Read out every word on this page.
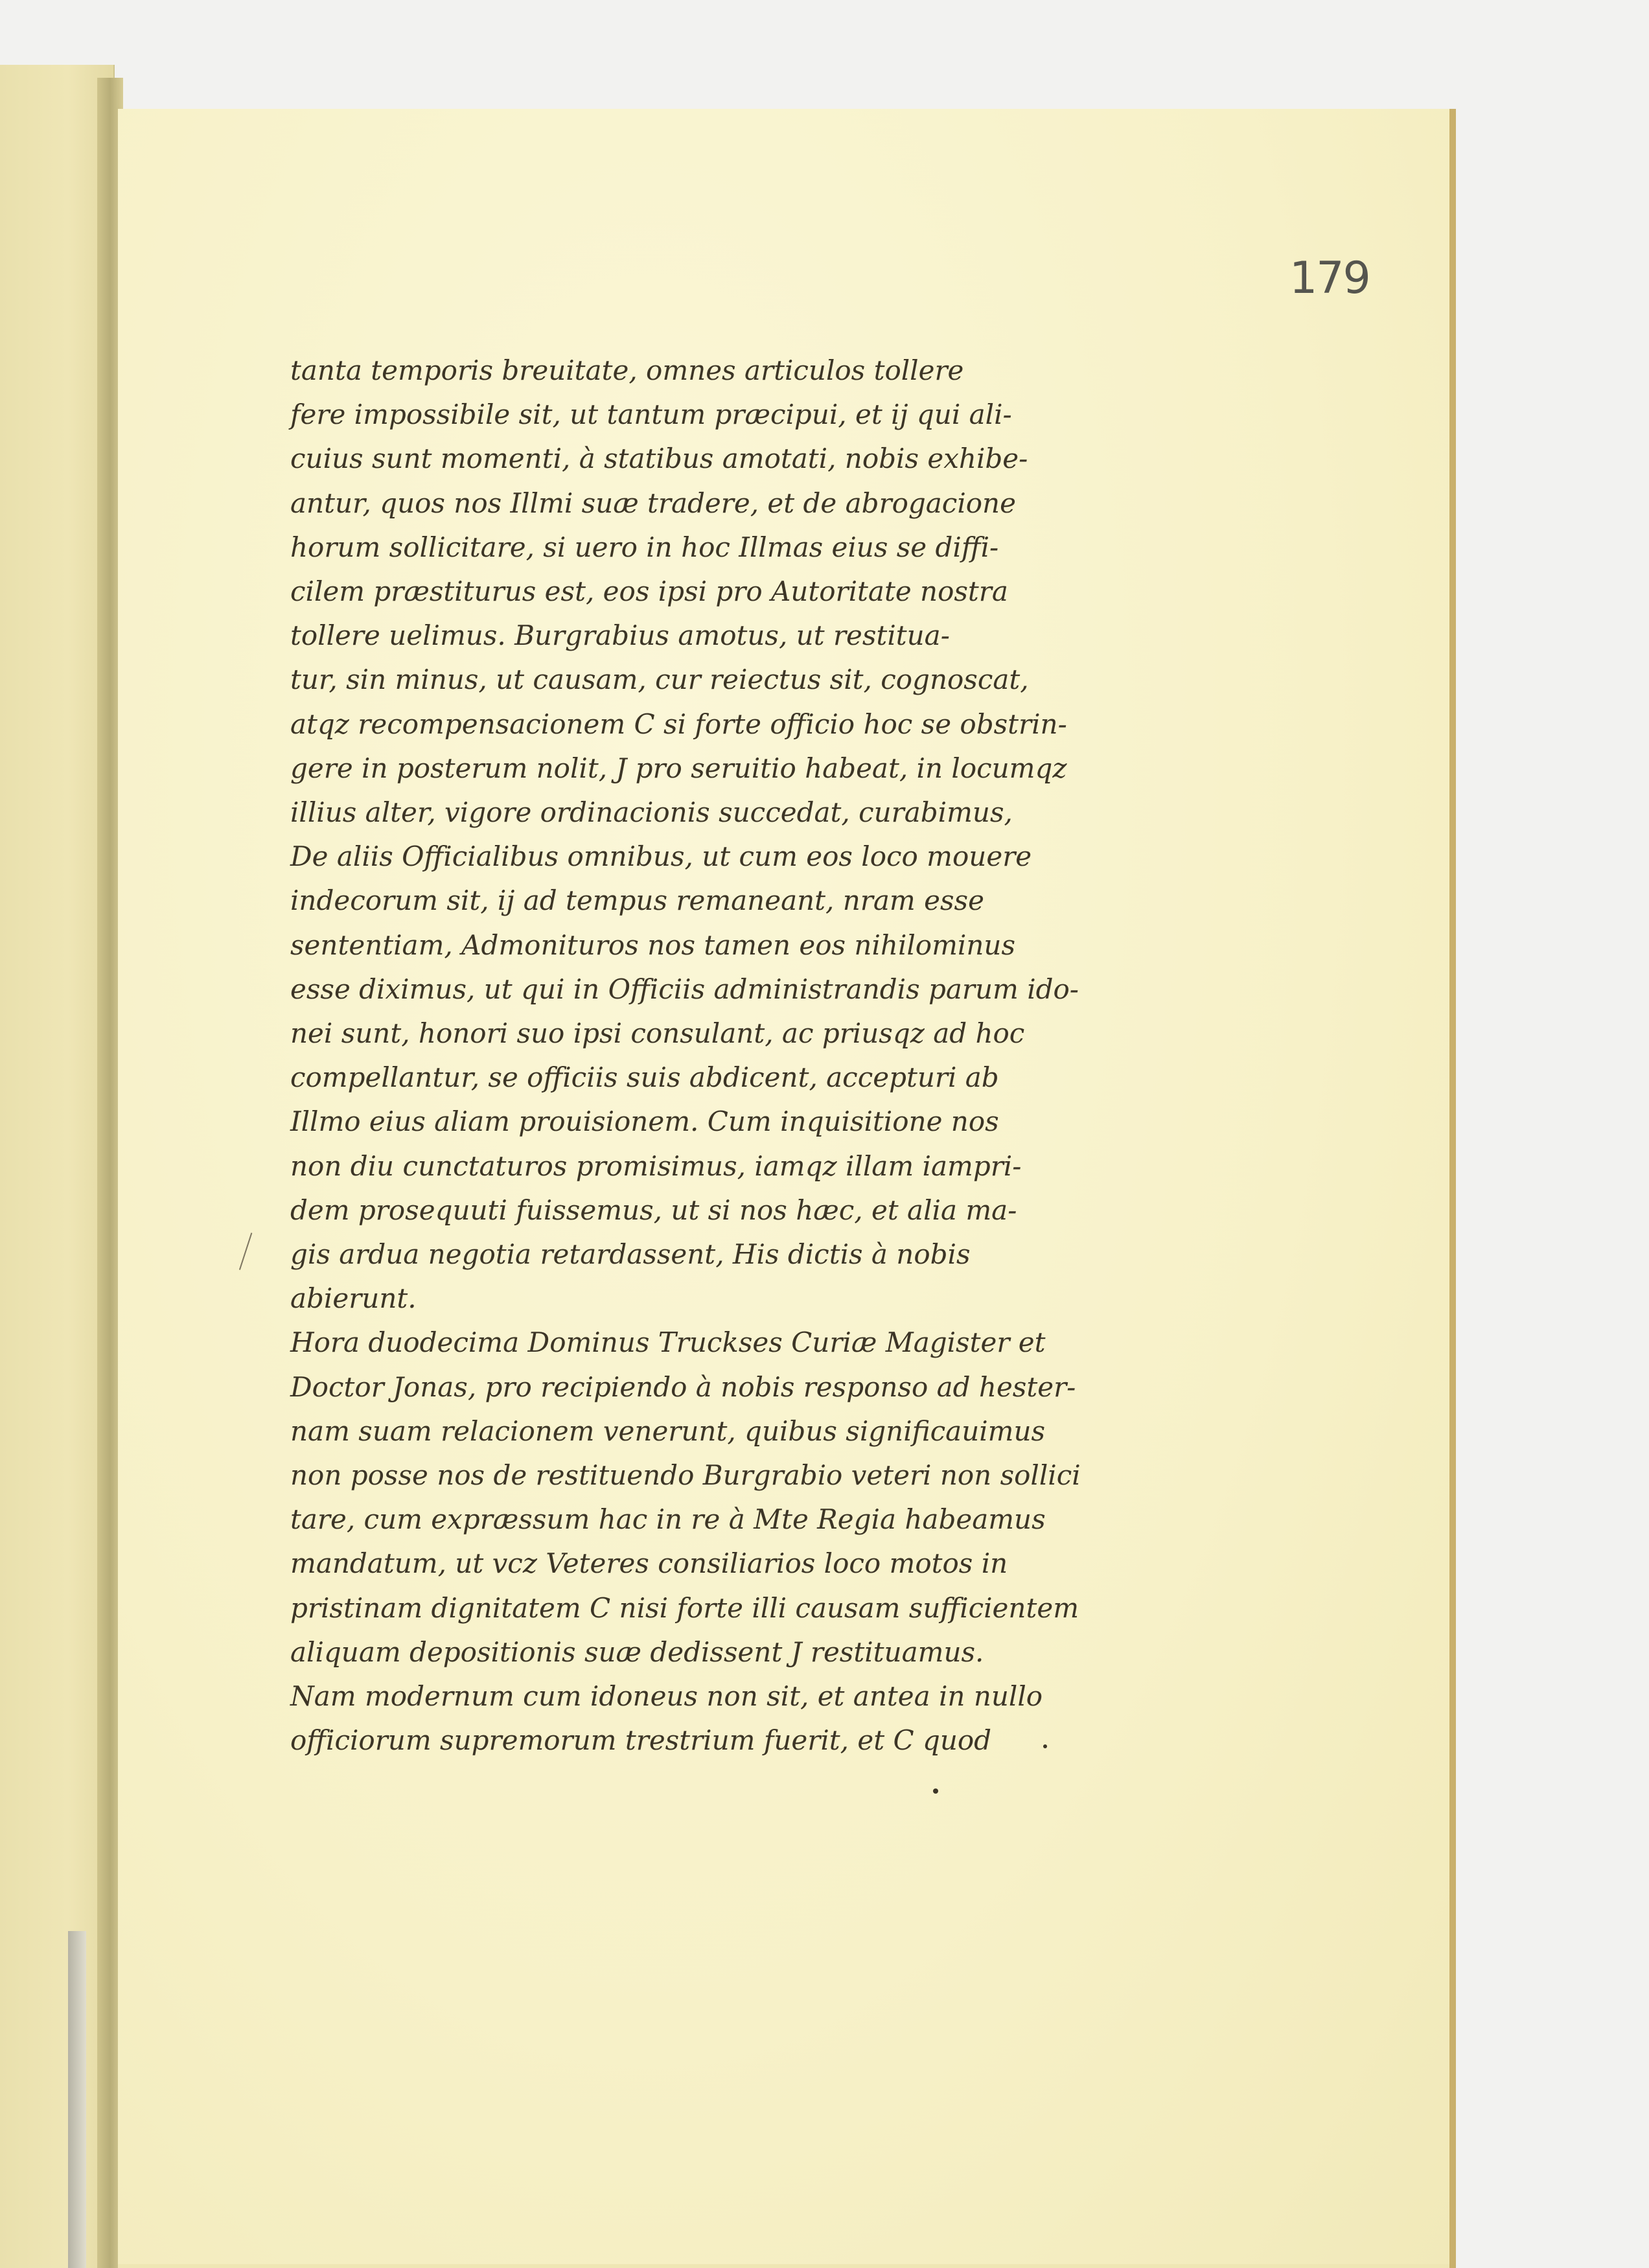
179
tanta temporis breuitate, omnes articulos tollere
fere impossibile sit, ut tantum præcipui, et ij qui ali-
cuius sunt momenti, à statibus amotati, nobis exhibe-
antur, quos nos Illmi suæ tradere, et de abrogacione
horum sollicitare, si uero in hoc Illmas eius se diffi-
cilem præstiturus est, eos ipsi pro Autoritate nostra
tollere uelimus. Burgrabius amotus, ut restitua-
tur, sin minus, ut causam, cur reiectus sit, cognoscat,
atqz recompensacionem C si forte officio hoc se obstrin-
gere in posterum nolit, J pro seruitio habeat, in locumqz
illius alter, vigore ordinacionis succedat, curabimus,
De aliis Officialibus omnibus, ut cum eos loco mouere
indecorum sit, ij ad tempus remaneant, nram esse
sententiam, Admonituros nos tamen eos nihilominus
esse diximus, ut qui in Officiis administrandis parum ido-
nei sunt, honori suo ipsi consulant, ac priusqz ad hoc
compellantur, se officiis suis abdicent, accepturi ab
Illmo eius aliam prouisionem. Cum inquisitione nos
non diu cunctaturos promisimus, iamqz illam iampri-
dem prosequuti fuissemus, ut si nos hæc, et alia ma-
gis ardua negotia retardassent, His dictis à nobis
abierunt.
Hora duodecima Dominus Truckses Curiæ Magister et
Doctor Jonas, pro recipiendo à nobis responso ad hester-
nam suam relacionem venerunt, quibus significauimus
non posse nos de restituendo Burgrabio veteri non sollici
tare, cum expræssum hac in re à Mte Regia habeamus
mandatum, ut vcz Veteres consiliarios loco motos in
pristinam dignitatem C nisi forte illi causam sufficientem
aliquam depositionis suæ dedissent J restituamus.
Nam modernum cum idoneus non sit, et antea in nullo
officiorum supremorum trestrium fuerit, et C quod
